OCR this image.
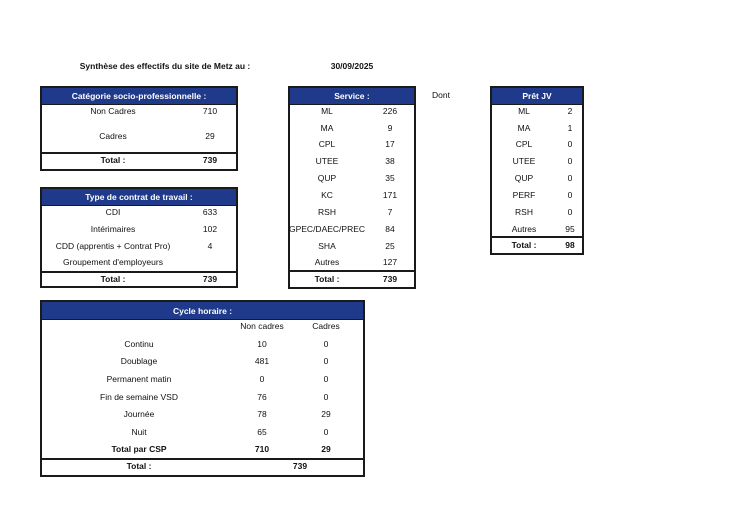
Synthèse des effectifs du site de Metz au :	30/09/2025
Dont
Catégorie socio-professionnelle :
Type de contrat de travail :
Service :	Prêt JV
Cycle horaire :
Non cadres	Cadres
Non Cadres	710
Cadres	29
Total :	739
CDI	633
Intérimaires	102
CDD (apprentis + Contrat Pro)	4
Groupement d'employeurs
Total :	739
ML	226
MA	9
CPL	17
UTEE	38
QUP	35
KC	171
RSH	7
GPEC/DAEC/PREC 84
SHA	25
Autres	127
Total :	739
ML	2
MA	1
CPL	0
UTEE	0
QUP	0
PERF	0
RSH	0
Autres	95
Total :	98
Continu	10	0
Doublage	481	0
Permanent matin	0	0
Fin de semaine VSD	76	0
Journée	78	29
Nuit	65	0
Total par CSP	710	29
Total :	739
